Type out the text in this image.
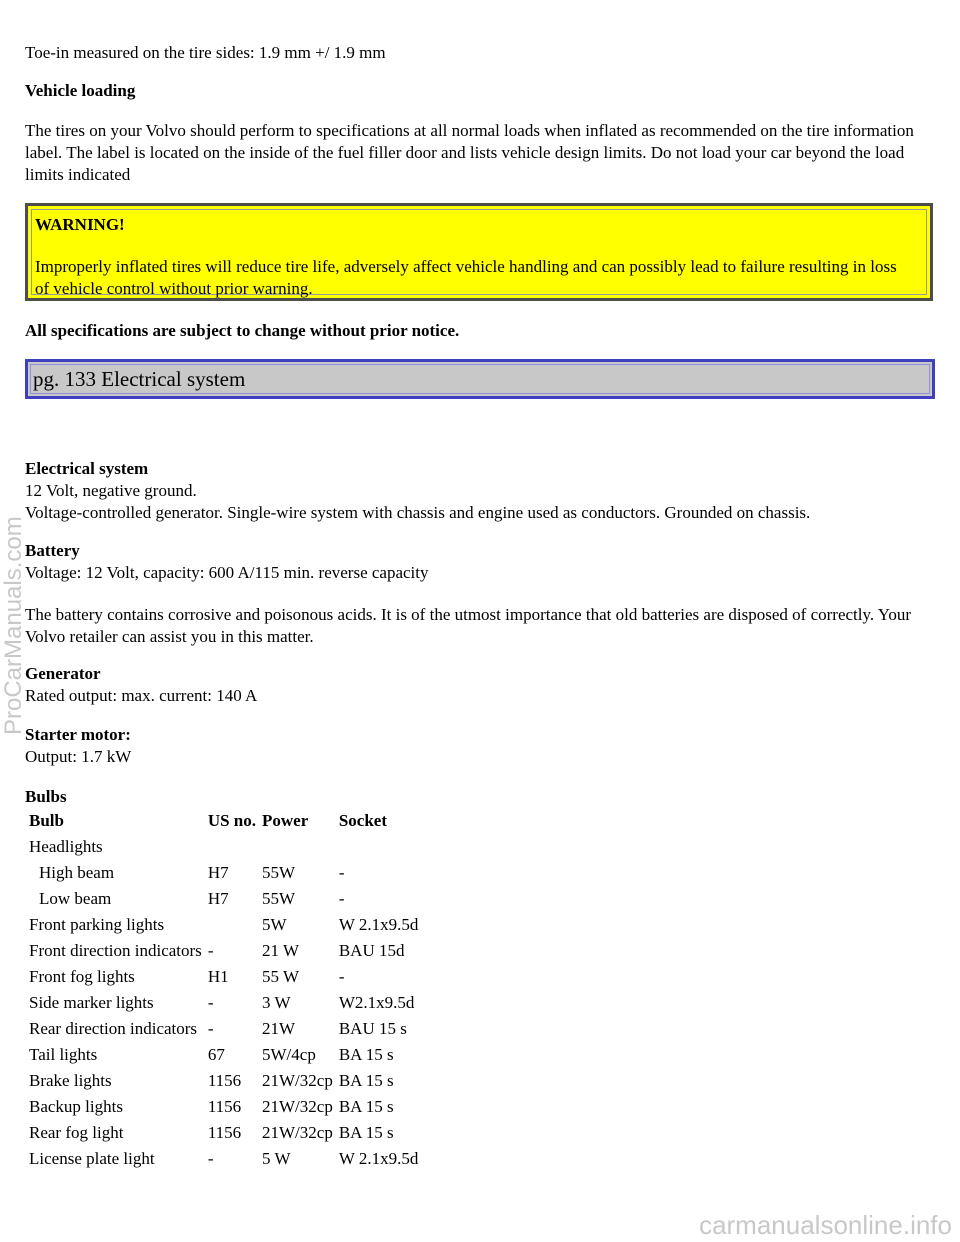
Toe-in measured on the tire sides: 1.9 mm +/ 1.9 mm

Vehicle loading

The tires on your Volvo should perform to specifications at all normal loads when inflated as recommended on the tire information label. The label is located on the inside of the fuel filler door and lists vehicle design limits. Do not load your car beyond the load limits indicated

WARNING!
Improperly inflated tires will reduce tire life, adversely affect vehicle handling and can possibly lead to failure resulting in loss of vehicle control without prior warning.

All specifications are subject to change without prior notice.

pg. 133 Electrical system
Electrical system
12 Volt, negative ground.
Voltage-controlled generator. Single-wire system with chassis and engine used as conductors. Grounded on chassis.
Battery
Voltage: 12 Volt, capacity: 600 A/115 min. reverse capacity
The battery contains corrosive and poisonous acids. It is of the utmost importance that old batteries are disposed of correctly. Your Volvo retailer can assist you in this matter.
Generator
Rated output: max. current: 140 A
Starter motor:
Output: 1.7 kW
Bulbs
Bulb	US no.	Power	Socket
Headlights			
High beam	H7	55W	-
Low beam	H7	55W	-
Front parking lights		5W	W 2.1x9.5d
Front direction indicators	-	21 W	BAU 15d
Front fog lights	H1	55 W	-
Side marker lights	-	3 W	W2.1x9.5d
Rear direction indicators	-	21W	BAU 15 s
Tail lights	67	5W/4cp	BA 15 s
Brake lights	1156	21W/32cp	BA 15 s
Backup lights	1156	21W/32cp	BA 15 s
Rear fog light	1156	21W/32cp	BA 15 s
License plate light	-	5 W	W 2.1x9.5d
ProCarManuals.com
carmanualsonline.info
